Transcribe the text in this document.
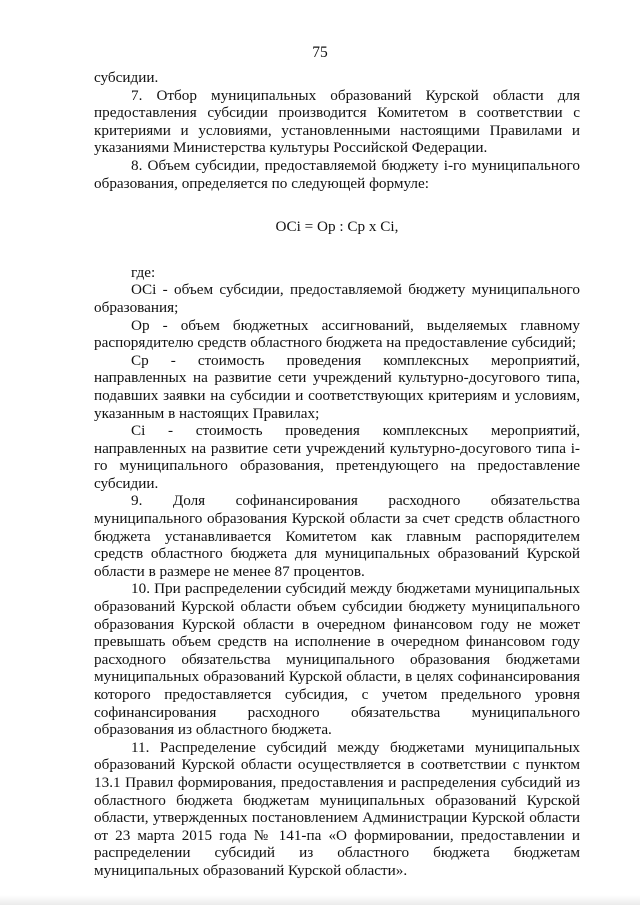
75

субсидии.

7. Отбор муниципальных образований Курской области для предоставления субсидии производится Комитетом в соответствии с критериями и условиями, установленными настоящими Правилами и указаниями Министерства культуры Российской Федерации.

8. Объем субсидии, предоставляемой бюджету i-го муниципального образования, определяется по следующей формуле:

ОCi = Op : Cp x Ci,

где:

ОCi - объем субсидии, предоставляемой бюджету муниципального образования;

Op - объем бюджетных ассигнований, выделяемых главному распорядителю средств областного бюджета на предоставление субсидий;

Cp - стоимость проведения комплексных мероприятий, направленных на развитие сети учреждений культурно-досугового типа, подавших заявки на субсидии и соответствующих критериям и условиям, указанным в настоящих Правилах;

Ci - стоимость проведения комплексных мероприятий, направленных на развитие сети учреждений культурно-досугового типа i-го муниципального образования, претендующего на предоставление субсидии.

9. Доля софинансирования расходного обязательства муниципального образования Курской области за счет средств областного бюджета устанавливается Комитетом как главным распорядителем средств областного бюджета для муниципальных образований Курской области в размере не менее 87 процентов.

10. При распределении субсидий между бюджетами муниципальных образований Курской области объем субсидии бюджету муниципального образования Курской области в очередном финансовом году не может превышать объем средств на исполнение в очередном финансовом году расходного обязательства муниципального образования бюджетами муниципальных образований Курской области, в целях софинансирования которого предоставляется субсидия, с учетом предельного уровня софинансирования расходного обязательства муниципального образования из областного бюджета.

11. Распределение субсидий между бюджетами муниципальных образований Курской области осуществляется в соответствии с пунктом 13.1 Правил формирования, предоставления и распределения субсидий из областного бюджета бюджетам муниципальных образований Курской области, утвержденных постановлением Администрации Курской области от 23 марта 2015 года № 141-па «О формировании, предоставлении и распределении субсидий из областного бюджета бюджетам муниципальных образований Курской области».
